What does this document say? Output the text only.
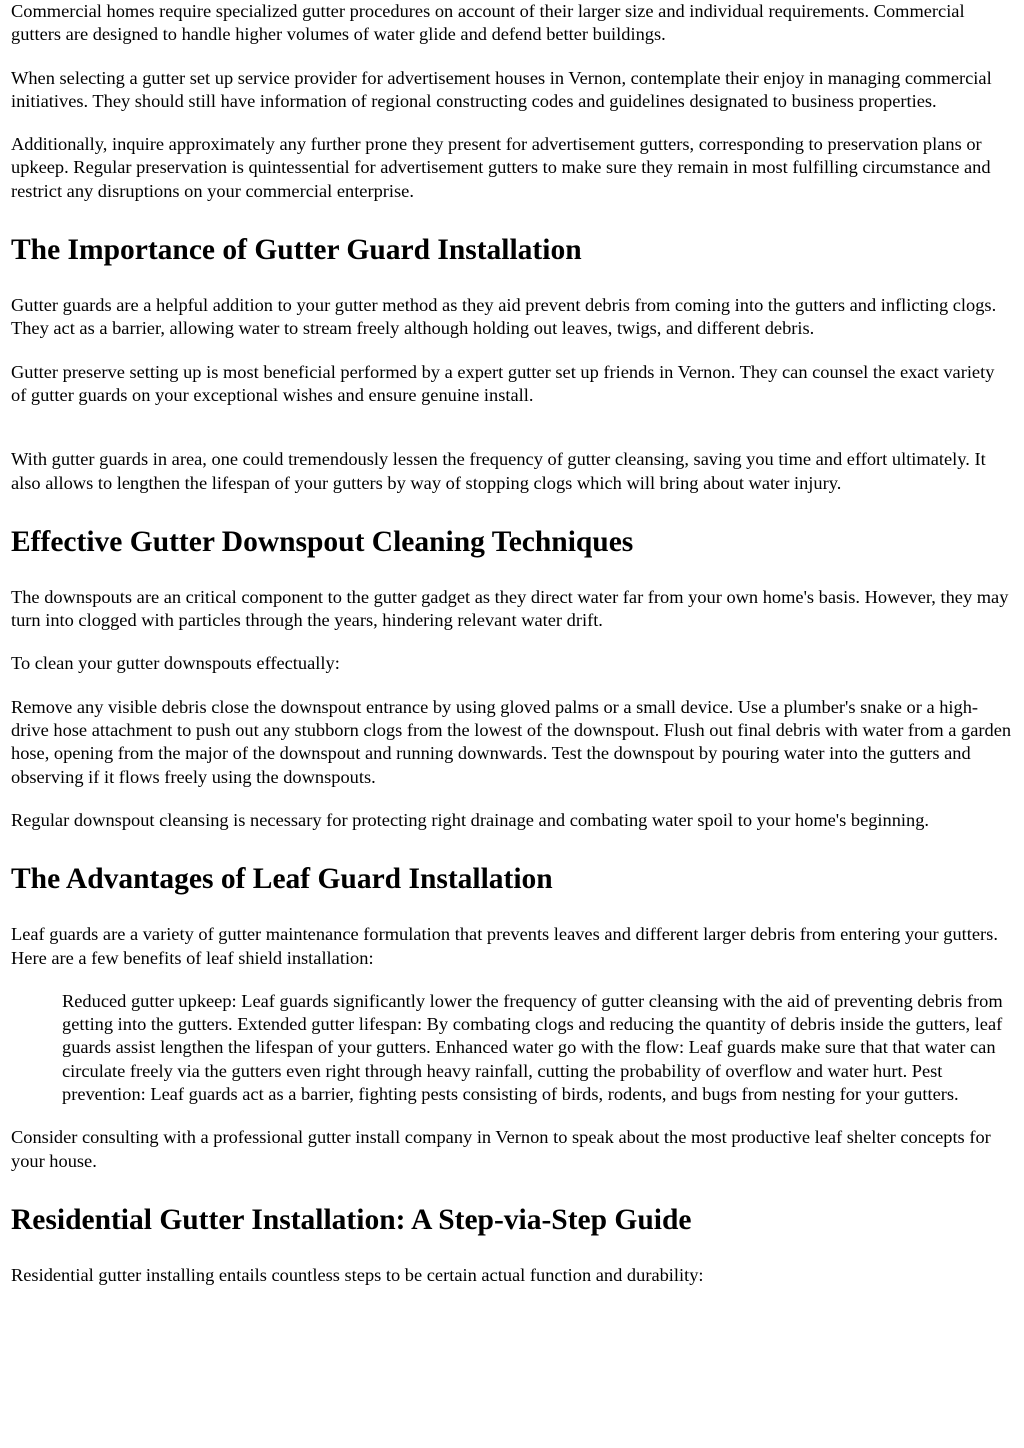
Commercial homes require specialized gutter procedures on account of their larger size and individual requirements. Commercial gutters are designed to handle higher volumes of water glide and defend better buildings.

When selecting a gutter set up service provider for advertisement houses in Vernon, contemplate their enjoy in managing commercial initiatives. They should still have information of regional constructing codes and guidelines designated to business properties.

Additionally, inquire approximately any further prone they present for advertisement gutters, corresponding to preservation plans or upkeep. Regular preservation is quintessential for advertisement gutters to make sure they remain in most fulfilling circumstance and restrict any disruptions on your commercial enterprise.

The Importance of Gutter Guard Installation

Gutter guards are a helpful addition to your gutter method as they aid prevent debris from coming into the gutters and inflicting clogs. They act as a barrier, allowing water to stream freely although holding out leaves, twigs, and different debris.

Gutter preserve setting up is most beneficial performed by a expert gutter set up friends in Vernon. They can counsel the exact variety of gutter guards on your exceptional wishes and ensure genuine install.

With gutter guards in area, one could tremendously lessen the frequency of gutter cleansing, saving you time and effort ultimately. It also allows to lengthen the lifespan of your gutters by way of stopping clogs which will bring about water injury.

Effective Gutter Downspout Cleaning Techniques

The downspouts are an critical component to the gutter gadget as they direct water far from your own home's basis. However, they may turn into clogged with particles through the years, hindering relevant water drift.

To clean your gutter downspouts effectually:

Remove any visible debris close the downspout entrance by using gloved palms or a small device. Use a plumber's snake or a high-drive hose attachment to push out any stubborn clogs from the lowest of the downspout. Flush out final debris with water from a garden hose, opening from the major of the downspout and running downwards. Test the downspout by pouring water into the gutters and observing if it flows freely using the downspouts.

Regular downspout cleansing is necessary for protecting right drainage and combating water spoil to your home's beginning.

The Advantages of Leaf Guard Installation

Leaf guards are a variety of gutter maintenance formulation that prevents leaves and different larger debris from entering your gutters. Here are a few benefits of leaf shield installation:

Reduced gutter upkeep: Leaf guards significantly lower the frequency of gutter cleansing with the aid of preventing debris from getting into the gutters. Extended gutter lifespan: By combating clogs and reducing the quantity of debris inside the gutters, leaf guards assist lengthen the lifespan of your gutters. Enhanced water go with the flow: Leaf guards make sure that that water can circulate freely via the gutters even right through heavy rainfall, cutting the probability of overflow and water hurt. Pest prevention: Leaf guards act as a barrier, fighting pests consisting of birds, rodents, and bugs from nesting for your gutters.

Consider consulting with a professional gutter install company in Vernon to speak about the most productive leaf shelter concepts for your house.

Residential Gutter Installation: A Step-via-Step Guide

Residential gutter installing entails countless steps to be certain actual function and durability:
